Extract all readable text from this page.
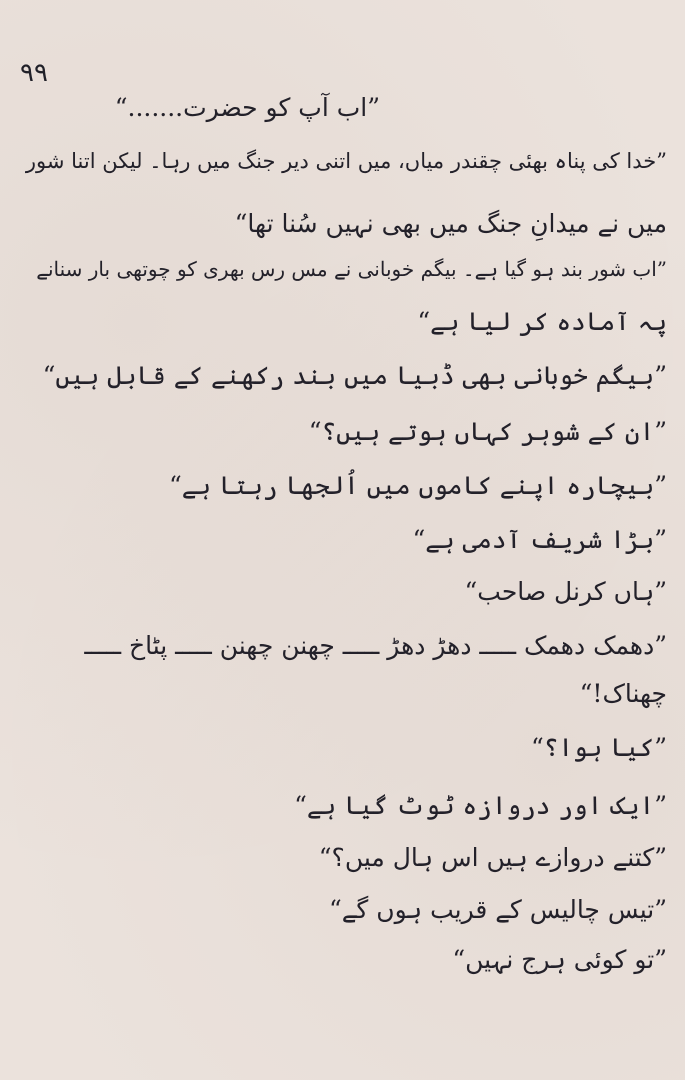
۹۹
”اب آپ کو حضرت.......“
”خدا کی پناہ بھئی چقندر میاں، میں اتنی دیر جنگ میں رہا۔ لیکن اتنا شور
میں نے میدانِ جنگ میں بھی نہیں سُنا تھا“
”اب شور بند ہو گیا ہے۔ بیگم خوبانی نے مس رس بھری کو چوتھی بار سنانے
پہ آمادہ کر لیا ہے“
”بیگم خوبانی بھی ڈبیا میں بند رکھنے کے قابل ہیں“
”ان کے شوہر کہاں ہوتے ہیں؟“
”بیچارہ اپنے کاموں میں اُلجھا رہتا ہے“
”بڑا شریف آدمی ہے“
”ہاں کرنل صاحب“
”دھمک دھمک ـــــ دھڑ دھڑ ـــــ چھنن چھنن ـــــ پٹاخ ـــــ
چھناک!“
”کیا ہوا؟“
”ایک اور دروازہ ٹوٹ گیا ہے“
”کتنے دروازے ہیں اس ہال میں؟“
”تیس چالیس کے قریب ہوں گے“
”تو کوئی ہرج نہیں“
